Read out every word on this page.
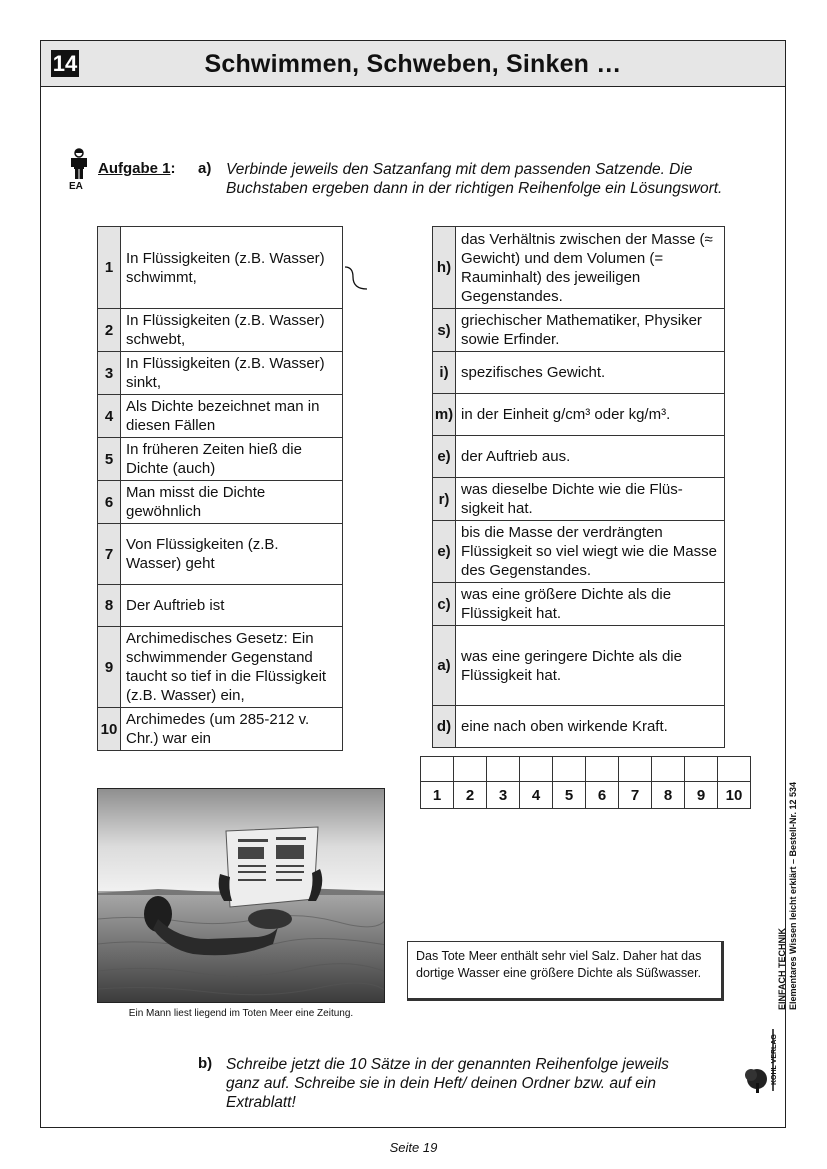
14	Schwimmen, Schweben, Sinken …
EA
Aufgabe 1: a) Verbinde jeweils den Satzanfang mit dem passenden Satzende. Die Buchstaben ergeben dann in der richtigen Reihenfolge ein Lösungswort.
1	In Flüssigkeiten (z.B. Wasser) schwimmt,
2	In Flüssigkeiten (z.B. Wasser) schwebt,
3	In Flüssigkeiten (z.B. Wasser) sinkt,
4	Als Dichte bezeichnet man in diesen Fällen
5	In früheren Zeiten hieß die Dichte (auch)
6	Man misst die Dichte gewöhnlich
7	Von Flüssigkeiten (z.B. Wasser) geht
8	Der Auftrieb ist
9	Archimedisches Gesetz: Ein schwimmender Gegenstand taucht so tief in die Flüssigkeit (z.B. Wasser) ein,
10	Archimedes (um 285-212 v. Chr.) war ein
h)	das Verhältnis zwischen der Masse (≈ Gewicht) und dem Volumen (= Rauminhalt) des jeweiligen Gegenstandes.
s)	griechischer Mathematiker, Physiker sowie Erfinder.
i)	spezifisches Gewicht.
m)	in der Einheit g/cm³ oder kg/m³.
e)	der Auftrieb aus.
r)	was dieselbe Dichte wie die Flüssigkeit hat.
e)	bis die Masse der verdrängten Flüssigkeit so viel wiegt wie die Masse des Gegenstandes.
c)	was eine größere Dichte als die Flüssigkeit hat.
a)	was eine geringere Dichte als die Flüssigkeit hat.
d)	eine nach oben wirkende Kraft.

1	2	3	4	5	6	7	8	9	10
Ein Mann liest liegend im Toten Meer eine Zeitung.
Das Tote Meer enthält sehr viel Salz. Daher hat das dortige Wasser eine größere Dichte als Süßwasser.
b) Schreibe jetzt die 10 Sätze in der genannten Reihenfolge jeweils ganz auf. Schreibe sie in dein Heft/ deinen Ordner bzw. auf ein Extrablatt!
EINFACH TECHNIK Elementares Wissen leicht erklärt – Bestell-Nr. 12 534
KOHL VERLAG
Seite 19
